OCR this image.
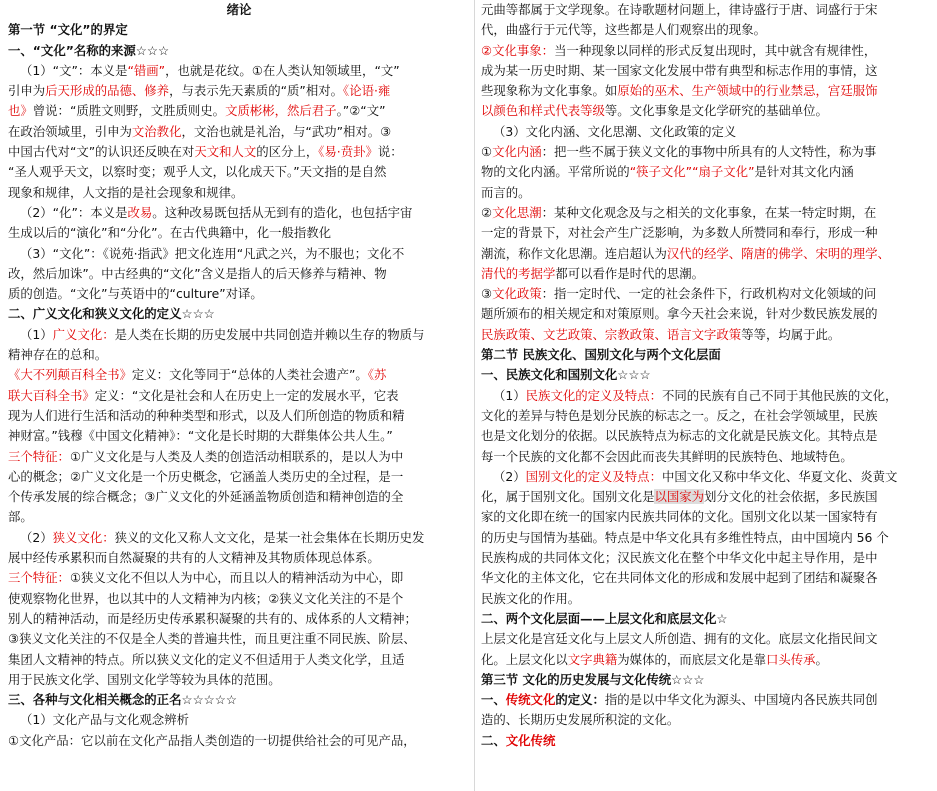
绪论
第一节 “文化”的界定
一、“文化”名称的来源☆☆☆
（1）“文”：本义是“错画”，也就是花纹。①在人类认知领域里，“文”
引申为后天形成的品德、修养，与表示先天素质的“质”相对。《论语·雍
也》曾说：“质胜文则野，文胜质则史。文质彬彬，然后君子。”②“文”
在政治领域里，引申为文治教化，文治也就是礼治，与“武功”相对。③
中国古代对“文”的认识还反映在对天文和人文的区分上，《易·贲卦》说：
“圣人观乎天文，以察时变；观乎人文，以化成天下。”天文指的是自然
现象和规律，人文指的是社会现象和规律。
（2）“化”：本义是改易。这种改易既包括从无到有的造化，也包括宇宙
生成以后的“演化”和“分化”。在古代典籍中，化一般指教化
（3）“文化”：《说苑·指武》把文化连用“凡武之兴，为不服也；文化不
改，然后加诛”。中古经典的“文化”含义是指人的后天修养与精神、物
质的创造。“文化”与英语中的“culture”对译。
二、广义文化和狭义文化的定义☆☆☆
（1）广义文化：是人类在长期的历史发展中共同创造并赖以生存的物质与
精神存在的总和。
《大不列颠百科全书》定义：文化等同于“总体的人类社会遗产”。《苏
联大百科全书》定义：“文化是社会和人在历史上一定的发展水平，它表
现为人们进行生活和活动的种种类型和形式，以及人们所创造的物质和精
神财富。”钱穆《中国文化精神》：“文化是长时期的大群集体公共人生。”
三个特征：①广义文化是与人类及人类的创造活动相联系的，是以人为中
心的概念；②广义文化是一个历史概念，它涵盖人类历史的全过程，是一
个传承发展的综合概念；③广义文化的外延涵盖物质创造和精神创造的全
部。
（2）狭义文化：狭义的文化又称人文文化，是某一社会集体在长期历史发
展中经传承累积而自然凝聚的共有的人文精神及其物质体现总体系。
三个特征：①狭义文化不但以人为中心，而且以人的精神活动为中心，即
使观察物化世界，也以其中的人文精神为内核；②狭义文化关注的不是个
别人的精神活动，而是经历史传承累积凝聚的共有的、成体系的人文精神；
③狭义文化关注的不仅是全人类的普遍共性，而且更注重不同民族、阶层、
集团人文精神的特点。所以狭义文化的定义不但适用于人类文化学，且适
用于民族文化学、国别文化学等较为具体的范围。
三、各种与文化相关概念的正名☆☆☆☆☆
（1）文化产品与文化观念辨析
①文化产品：它以前在文化产品指人类创造的一切提供给社会的可见产品，
元曲等都属于文学现象。在诗歌题材问题上，律诗盛行于唐、词盛行于宋
代，曲盛行于元代等，这些都是人们观察出的现象。
②文化事象：当一种现象以同样的形式反复出现时，其中就含有规律性，
成为某一历史时期、某一国家文化发展中带有典型和标志作用的事情，这
些现象称为文化事象。如原始的巫术、生产领域中的行业禁忌，宫廷服饰
以颜色和样式代表等级等。文化事象是文化学研究的基础单位。
（3）文化内涵、文化思潮、文化政策的定义
①文化内涵：把一些不属于狭义文化的事物中所具有的人文特性，称为事
物的文化内涵。平常所说的“筷子文化”“扇子文化”是针对其文化内涵
而言的。
②文化思潮：某种文化观念及与之相关的文化事象，在某一特定时期，在
一定的背景下，对社会产生广泛影响，为多数人所赞同和奉行，形成一种
潮流，称作文化思潮。连启超认为汉代的经学、隋唐的佛学、宋明的理学、
清代的考据学都可以看作是时代的思潮。
③文化政策：指一定时代、一定的社会条件下，行政机构对文化领域的问
题所颁布的相关规定和对策原则。拿今天社会来说，针对少数民族发展的
民族政策、文艺政策、宗教政策、语言文字政策等等，均属于此。
第二节 民族文化、国别文化与两个文化层面
一、民族文化和国别文化☆☆☆
（1）民族文化的定义及特点：不同的民族有自己不同于其他民族的文化，
文化的差异与特色是划分民族的标志之一。反之，在社会学领域里，民族
也是文化划分的依据。以民族特点为标志的文化就是民族文化。其特点是
每一个民族的文化都不会因此而丧失其鲜明的民族特色、地域特色。
（2）国别文化的定义及特点：中国文化又称中华文化、华夏文化、炎黄文
化，属于国别文化。国别文化是以国家为划分文化的社会依据，多民族国
家的文化即在统一的国家内民族共同体的文化。国别文化以某一国家特有
的历史与国情为基础。特点是中华文化具有多维性特点，由中国境内 56 个
民族构成的共同体文化；汉民族文化在整个中华文化中起主导作用，是中
华文化的主体文化，它在共同体文化的形成和发展中起到了团结和凝聚各
民族文化的作用。
二、两个文化层面——上层文化和底层文化☆
上层文化是宫廷文化与上层文人所创造、拥有的文化。底层文化指民间文
化。上层文化以文字典籍为媒体的，而底层文化是靠口头传承。
第三节 文化的历史发展与文化传统☆☆☆
一、传统文化的定义：指的是以中华文化为源头、中国境内各民族共同创
造的、长期历史发展所积淀的文化。
二、文化传统
